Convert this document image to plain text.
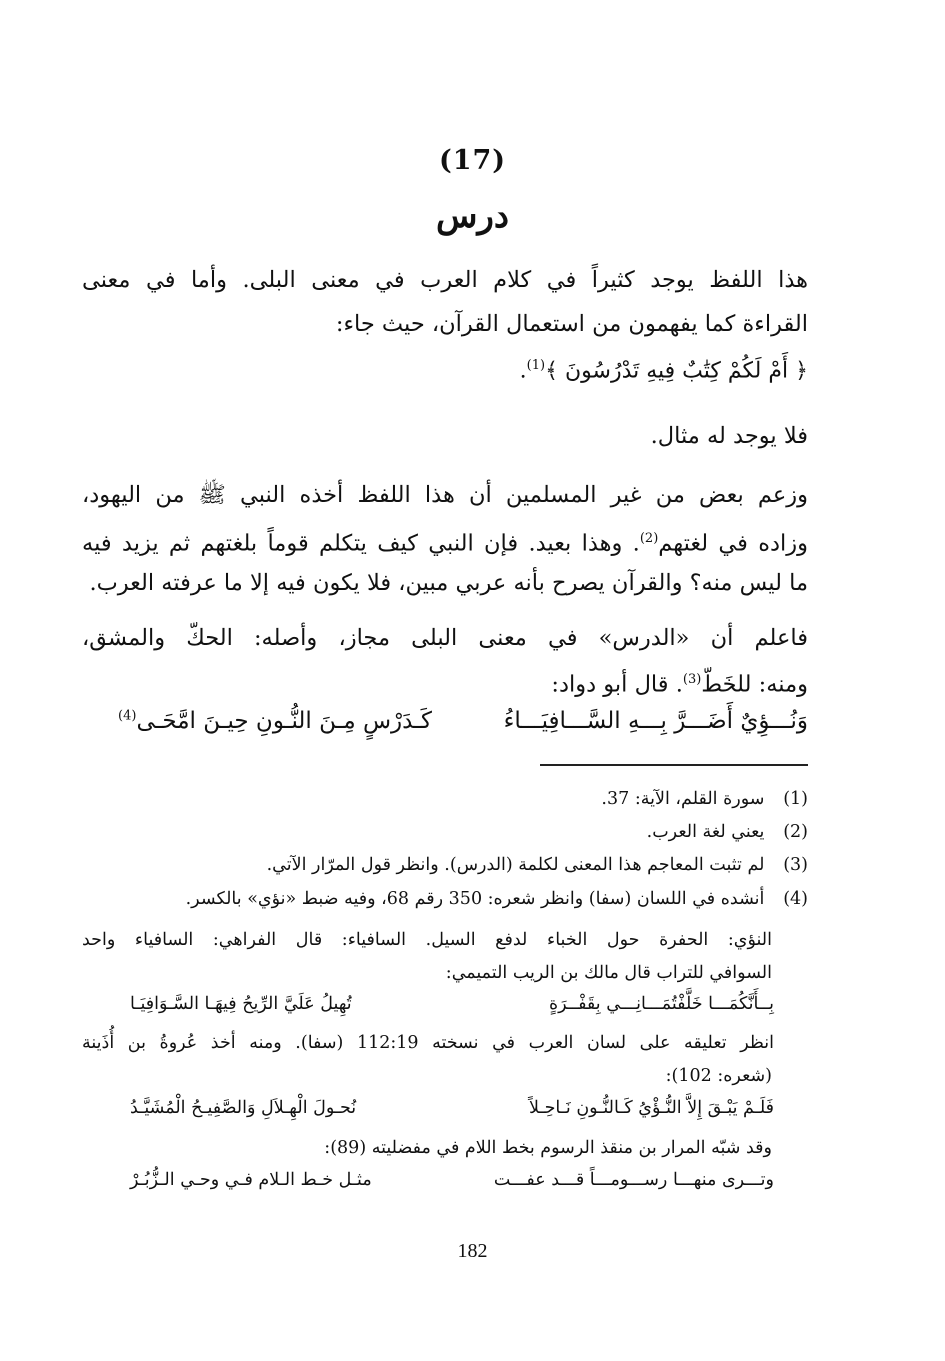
(17)
درس
هذا اللفظ يوجد كثيراً في كلام العرب في معنى البلى. وأما في معنى
القراءة كما يفهمون من استعمال القرآن، حيث جاء:
﴿ أَمْ لَكُمْ كِتَٰبٌ فِيهِ تَدْرُسُونَ ﴾$^{(1)}$.
فلا يوجد له مثال.
وزعم بعض من غير المسلمين أن هذا اللفظ أخذه النبي ﷺ من اليهود،
وزاده في لغتهم$^{(2)}$. وهذا بعيد. فإن النبي كيف يتكلم قوماً بلغتهم ثم يزيد فيه
ما ليس منه؟ والقرآن يصرح بأنه عربي مبين، فلا يكون فيه إلا ما عرفته العرب.
فاعلم أن «الدرس» في معنى البلى مجاز، وأصله: الحكّ والمشق،
ومنه: للخَطّ$^{(3)}$. قال أبو دواد:
وَنُـــؤِيٌ أَضَـــرَّ بِـــهِ السَّـــافِيَـــاءُ
كَـدَرْسٍ مِـنَ النُّـونِ حِيـنَ امَّحَـى$^{(4)}$
(1) سورة القلم، الآية: 37.
(2) يعني لغة العرب.
(3) لم تثبت المعاجم هذا المعنى لكلمة (الدرس). وانظر قول المرّار الآتي.
(4) أنشده في اللسان (سفا) وانظر شعره: 350 رقم 68، وفيه ضبط «نؤي» بالكسر.
النؤي: الحفرة حول الخباء لدفع السيل. السافياء: قال الفراهي: السافياء واحد
السوافي للتراب قال مالك بن الريب التميمي:
بِــأَنَّكُمَـــا خَلَّفْتُمَـــانِـــي بِقَفْــرَةٍ
تُهِيلُ عَلَيَّ الرِّيحُ فِيهَـا السَّـوَافِيَـا
انظر تعليقه على لسان العرب في نسخته 112:19 (سفا). ومنه أخذ عُروةُ بن أُذَينة
(شعره: 102):
فَلَـمْ يَبْـقَ إِلاَّ النُّـؤْيُ كَـالنُّـونِ نَـاحِـلاً
نُحـولَ الْهِـلاَلِ وَالصَّفِيـحُ الْمُشَيَّـدُ
وقد شبّه المرار بن منقذ الرسوم بخط اللام في مفضليته (89):
وتـــرى منهـــا رســـومـــاً قـــد عفـــت
مثـل خـط الـلام فـي وحـي الـزُّبُـرْ
182
